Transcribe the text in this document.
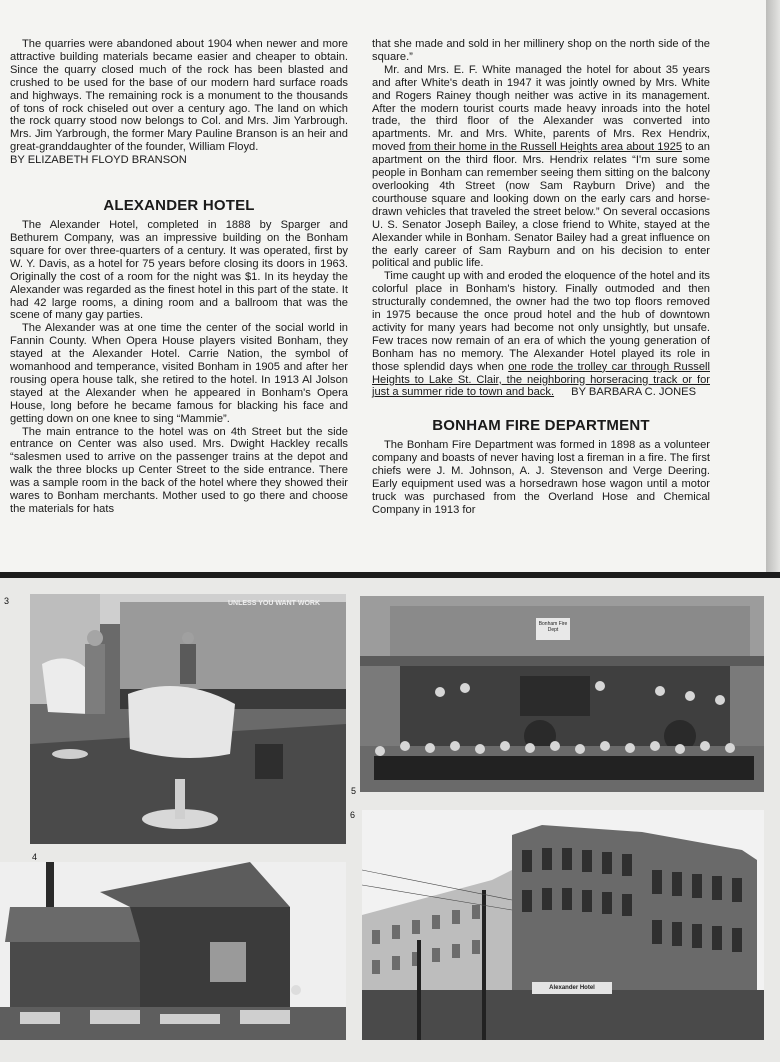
The quarries were abandoned about 1904 when newer and more attractive building materials became easier and cheaper to obtain. Since the quarry closed much of the rock has been blasted and crushed to be used for the base of our modern hard surface roads and highways. The remaining rock is a monument to the thousands of tons of rock chiseled out over a century ago. The land on which the rock quarry stood now belongs to Col. and Mrs. Jim Yarbrough. Mrs. Jim Yarbrough, the former Mary Pauline Branson is an heir and great-granddaughter of the founder, William Floyd.

BY ELIZABETH FLOYD BRANSON

ALEXANDER HOTEL

The Alexander Hotel, completed in 1888 by Sparger and Bethurem Company, was an impressive building on the Bonham square for over three-quarters of a century. It was operated, first by W. Y. Davis, as a hotel for 75 years before closing its doors in 1963. Originally the cost of a room for the night was $1. In its heyday the Alexander was regarded as the finest hotel in this part of the state. It had 42 large rooms, a dining room and a ballroom that was the scene of many gay parties.

The Alexander was at one time the center of the social world in Fannin County. When Opera House players visited Bonham, they stayed at the Alexander Hotel. Carrie Nation, the symbol of womanhood and temperance, visited Bonham in 1905 and after her rousing opera house talk, she retired to the hotel. In 1913 Al Jolson stayed at the Alexander when he appeared in Bonham's Opera House, long before he became famous for blacking his face and getting down on one knee to sing “Mammie”.

The main entrance to the hotel was on 4th Street but the side entrance on Center was also used. Mrs. Dwight Hackley recalls “salesmen used to arrive on the passenger trains at the depot and walk the three blocks up Center Street to the side entrance. There was a sample room in the back of the hotel where they showed their wares to Bonham merchants. Mother used to go there and choose the materials for hats

that she made and sold in her millinery shop on the north side of the square.”

Mr. and Mrs. E. F. White managed the hotel for about 35 years and after White's death in 1947 it was jointly owned by Mrs. White and Rogers Rainey though neither was active in its management. After the modern tourist courts made heavy inroads into the hotel trade, the third floor of the Alexander was converted into apartments. Mr. and Mrs. White, parents of Mrs. Rex Hendrix, moved from their home in the Russell Heights area about 1925 to an apartment on the third floor. Mrs. Hendrix relates “I'm sure some people in Bonham can remember seeing them sitting on the balcony overlooking 4th Street (now Sam Rayburn Drive) and the courthouse square and looking down on the early cars and horse-drawn vehicles that traveled the street below.” On several occasions U. S. Senator Joseph Bailey, a close friend to White, stayed at the Alexander while in Bonham. Senator Bailey had a great influence on the early career of Sam Rayburn and on his decision to enter political and public life.

Time caught up with and eroded the eloquence of the hotel and its colorful place in Bonham's history. Finally outmoded and then structurally condemned, the owner had the two top floors removed in 1975 because the once proud hotel and the hub of downtown activity for many years had become not only unsightly, but unsafe. Few traces now remain of an era of which the young generation of Bonham has no memory. The Alexander Hotel played its role in those splendid days when one rode the trolley car through Russell Heights to Lake St. Clair, the neighboring horseracing track or for just a summer ride to town and back. BY BARBARA C. JONES

BONHAM FIRE DEPARTMENT

The Bonham Fire Department was formed in 1898 as a volunteer company and boasts of never having lost a fireman in a fire. The first chiefs were J. M. Johnson, A. J. Stevenson and Verge Deering. Early equipment used was a horsedrawn hose wagon until a motor truck was purchased from the Overland Hose and Chemical Company in 1913 for

3	UNLESS YOU WANT WORK
Bonham Fire Dept
5
4
6
Alexander Hotel
